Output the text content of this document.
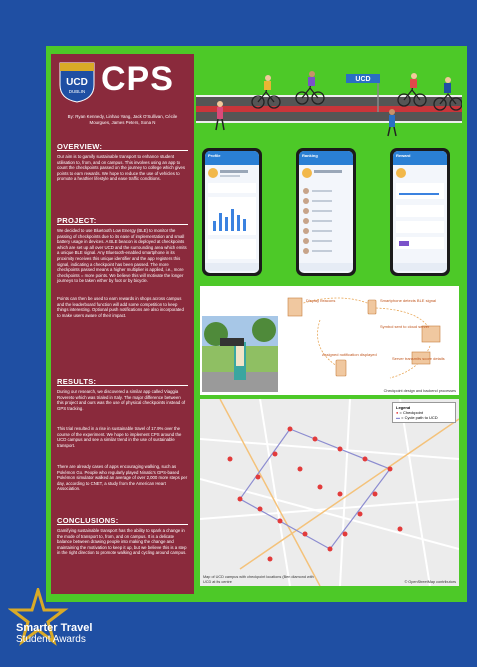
UCD
DUBLIN CPS
By: Ryan Kennedy, Linhao Yang, Jack O'Sullivan, Cécile Mourgues, James Peters, Sona N
OVERVIEW:
Our aim is to gamify sustainable transport to enhance student utilisation to, from, and on campus. This involves using an app to count the checkpoints passed on the journey to college which gives points to earn rewards. We hope to reduce the use of vehicles to promote a heathier lifestyle and ease traffic conditions.
PROJECT:
We decided to use Bluetooth Low Energy (BLE) to monitor the passing of checkpoints due to its ease of implementation and small battery usage in devices. A BLE beacon is deployed at checkpoints which are set up all over UCD and the surrounding area which emits a unique BLE signal. Any Bluetooth-enabled smartphone in its proximity receives this unique identifier and the app registers this signal, indicating a checkpoint has been passed. The more checkpoints passed means a higher multiplier is applied, i.e., more checkpoints = more points. We believe this will motivate the longer journeys to be taken either by foot or by bicycle.
Points can then be used to earn rewards in shops across campus and the leaderboard function will add some competition to keep things interesting. Optional push notifications are also incorporated to make users aware of their impact.
RESULTS:
During our research, we discovered a similar app called Viaggia Rovereto which was trialed in Italy. The major difference between this project and ours was the use of physical checkpoints instead of GPS tracking.
This trial resulted in a rise in sustainable travel of 17.9% over the course of the experiment. We hope to implement CPS around the UCD campus and see a similar trend in the use of sustainable transport.
There are already cases of apps encouraging walking, such as Pokémon Go. People who regularly played Ninatic's GPS-based Pokémon simulator walked an average of over 2,000 more steps per day, according to CNET, a study from the American Heart Association.
CONCLUSIONS:
Gamifying sustainable transport has the ability to spark a change in the mode of transport to, from, and on campus. It is a delicate balance between drawing people into making the change and maintaining the motivation to keep it up, but we believe this is a step in the right direction to promote walking and cycling around campus.
UCD
Profile	Ranking	Reward
Display beacons	Smartphone detects BLE signal
Symbol sent to cloud server
Server transmits score details
Assigned notification displayed
Checkpoint design and backend processes
Legend
● = Checkpoint
▬ = Cycle path to UCD
Map of UCD campus with checkpoint locations (Ben diamond with UCD at its centre	© OpenStreetMap contributors
Smarter Travel
Student Awards
